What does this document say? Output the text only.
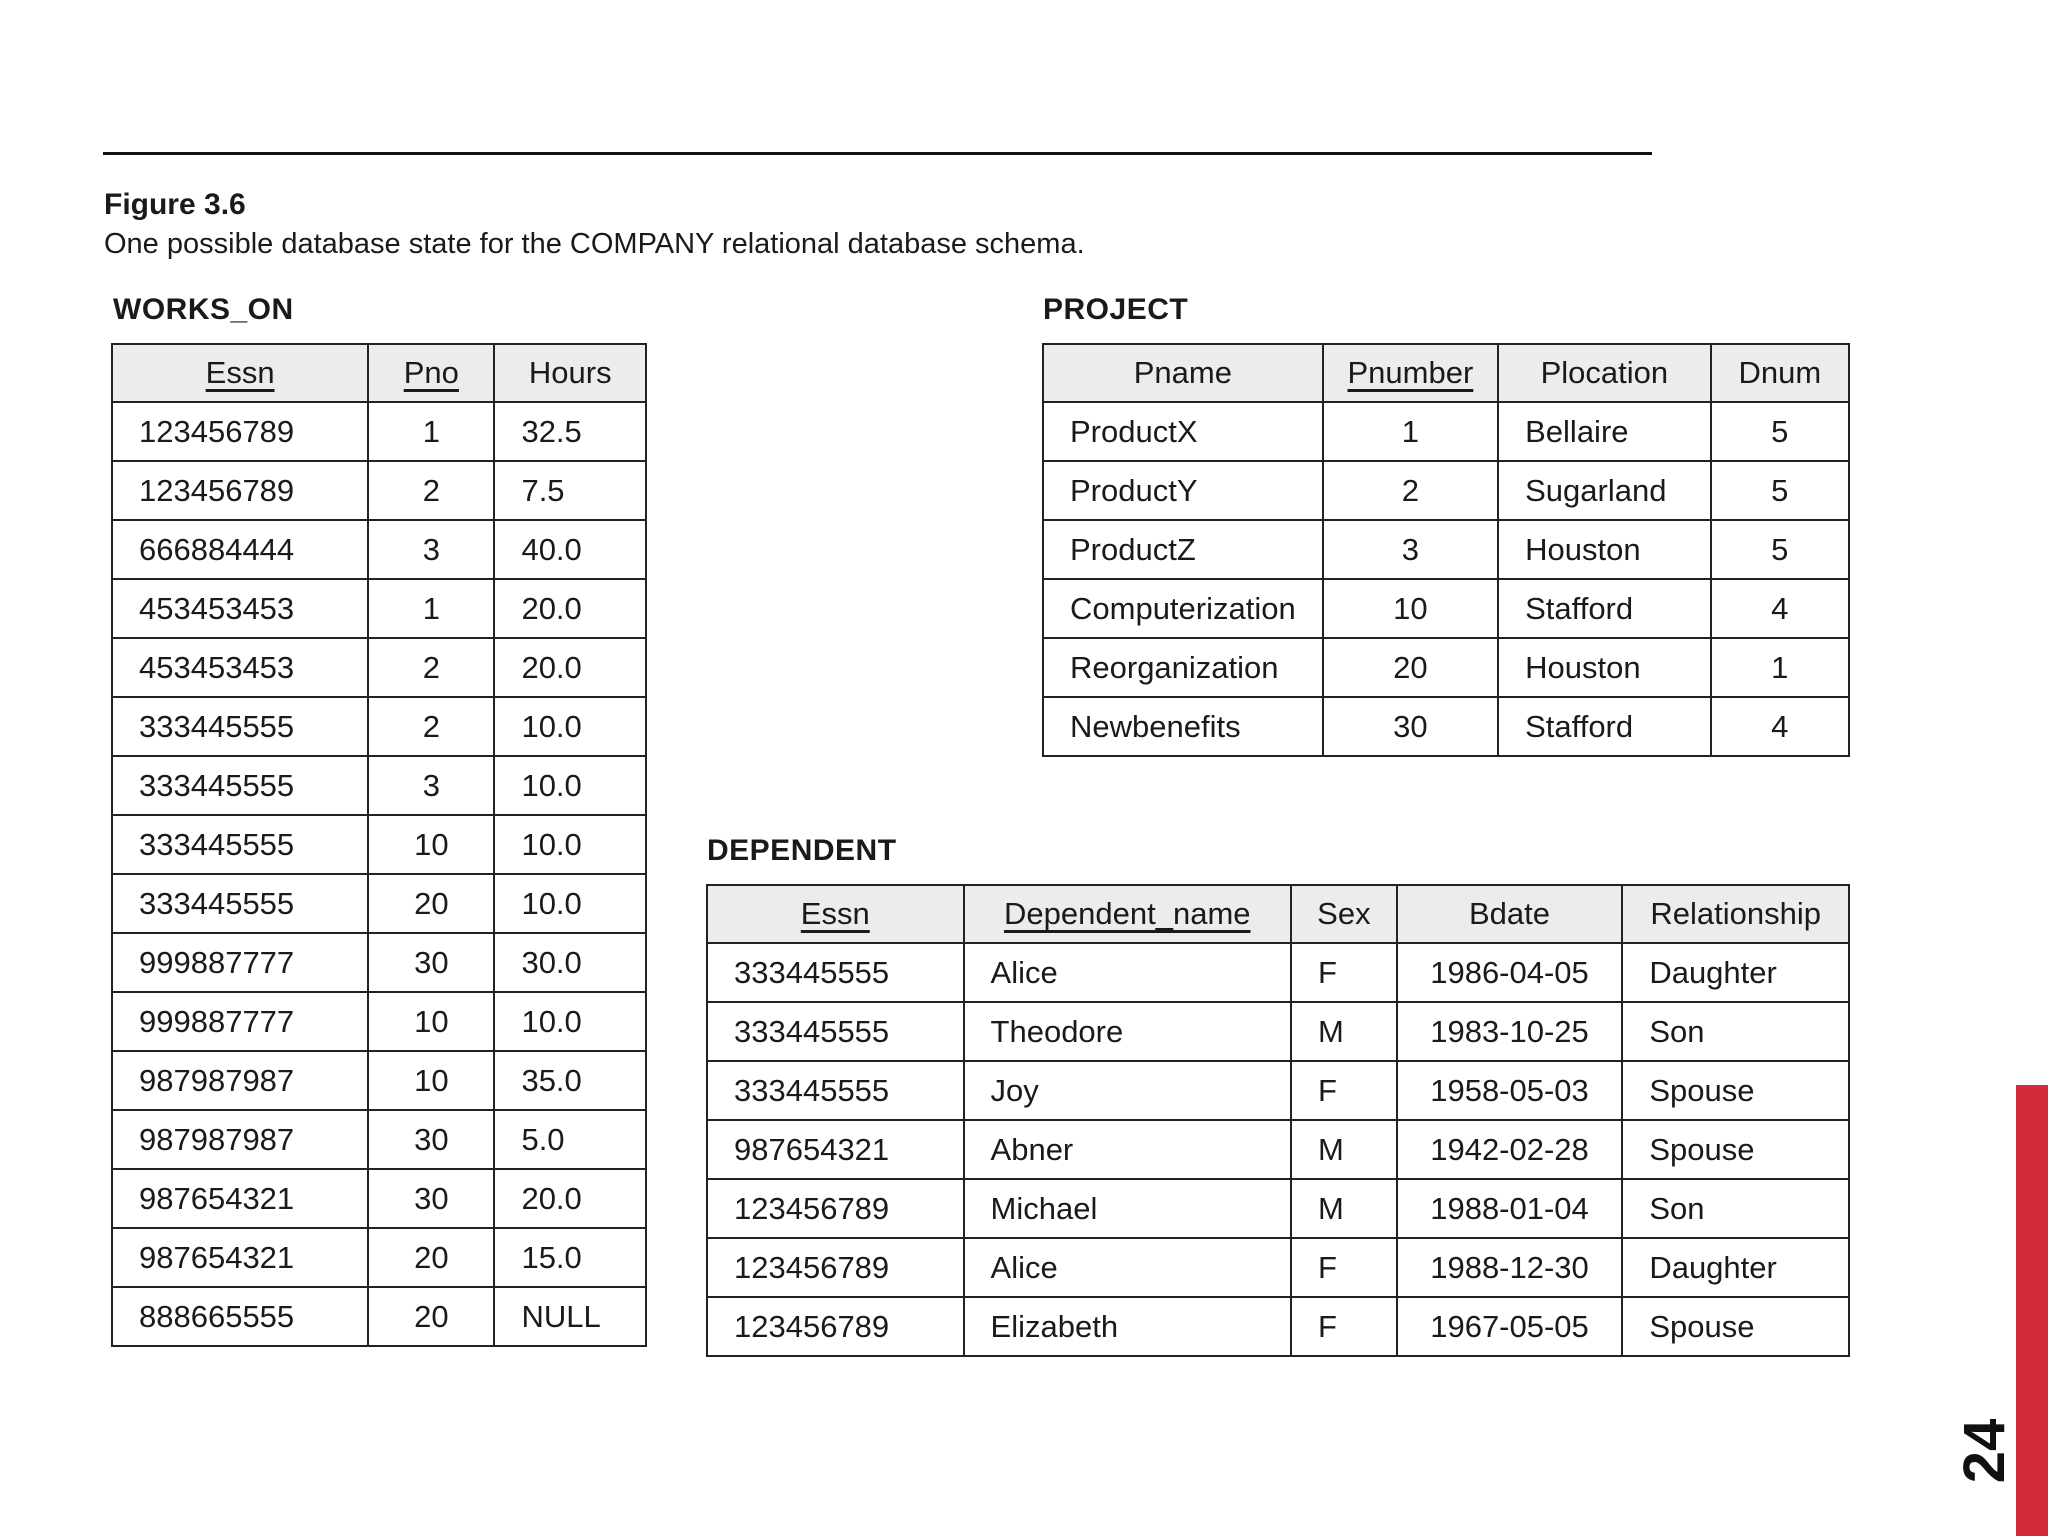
Figure 3.6
One possible database state for the COMPANY relational database schema.
WORKS_ON
Essn	Pno	Hours
123456789	1	32.5
123456789	2	7.5
666884444	3	40.0
453453453	1	20.0
453453453	2	20.0
333445555	2	10.0
333445555	3	10.0
333445555	10	10.0
333445555	20	10.0
999887777	30	30.0
999887777	10	10.0
987987987	10	35.0
987987987	30	5.0
987654321	30	20.0
987654321	20	15.0
888665555	20	NULL
PROJECT
Pname	Pnumber	Plocation	Dnum
ProductX	1	Bellaire	5
ProductY	2	Sugarland	5
ProductZ	3	Houston	5
Computerization	10	Stafford	4
Reorganization	20	Houston	1
Newbenefits	30	Stafford	4
DEPENDENT
Essn	Dependent_name	Sex	Bdate	Relationship
333445555	Alice	F	1986-04-05	Daughter
333445555	Theodore	M	1983-10-25	Son
333445555	Joy	F	1958-05-03	Spouse
987654321	Abner	M	1942-02-28	Spouse
123456789	Michael	M	1988-01-04	Son
123456789	Alice	F	1988-12-30	Daughter
123456789	Elizabeth	F	1967-05-05	Spouse
24
